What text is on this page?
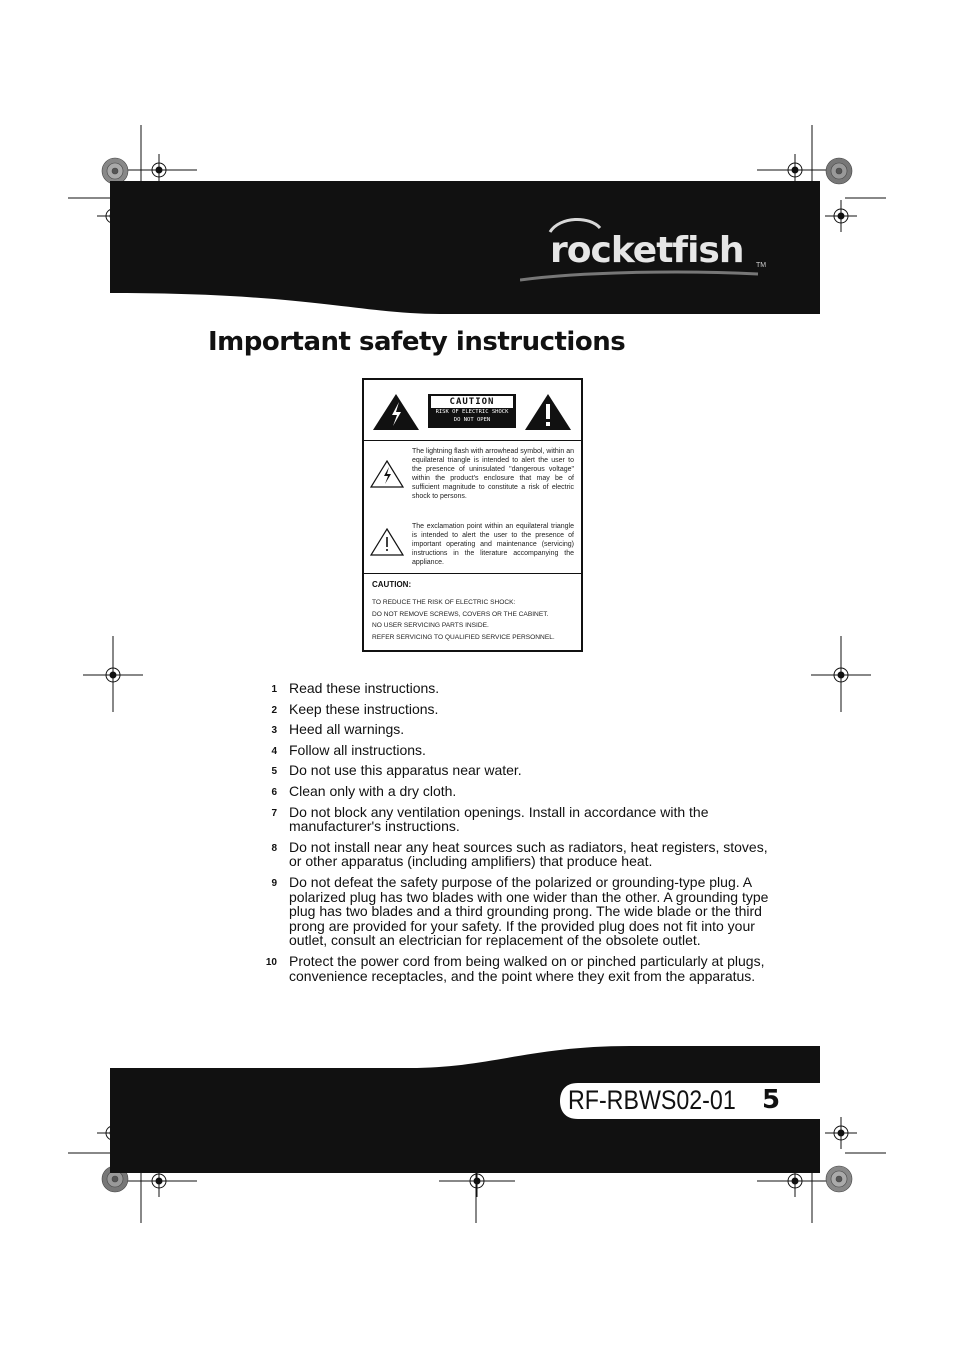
rocketfish TM
Important safety instructions
CAUTION
RISK OF ELECTRIC SHOCK
DO NOT OPEN

The lightning flash with arrowhead symbol, within an equilateral triangle is intended to alert the user to the presence of uninsulated "dangerous voltage" within the product's enclosure that may be of sufficient magnitude to constitute a risk of electric shock to persons.

The exclamation point within an equilateral triangle is intended to alert the user to the presence of important operating and maintenance (servicing) instructions in the literature accompanying the appliance.

CAUTION:

TO REDUCE THE RISK OF ELECTRIC SHOCK:

DO NOT REMOVE SCREWS, COVERS OR THE CABINET.

NO USER SERVICING PARTS INSIDE.

REFER SERVICING TO QUALIFIED SERVICE PERSONNEL.

1 Read these instructions.
2 Keep these instructions.
3 Heed all warnings.
4 Follow all instructions.
5 Do not use this apparatus near water.
6 Clean only with a dry cloth.
7 Do not block any ventilation openings. Install in accordance with the manufacturer's instructions.
8 Do not install near any heat sources such as radiators, heat registers, stoves, or other apparatus (including amplifiers) that produce heat.
9 Do not defeat the safety purpose of the polarized or grounding-type plug. A polarized plug has two blades with one wider than the other. A grounding type plug has two blades and a third grounding prong. The wide blade or the third prong are provided for your safety. If the provided plug does not fit into your outlet, consult an electrician for replacement of the obsolete outlet.
10 Protect the power cord from being walked on or pinched particularly at plugs, convenience receptacles, and the point where they exit from the apparatus.

RF-RBWS02-01 5
